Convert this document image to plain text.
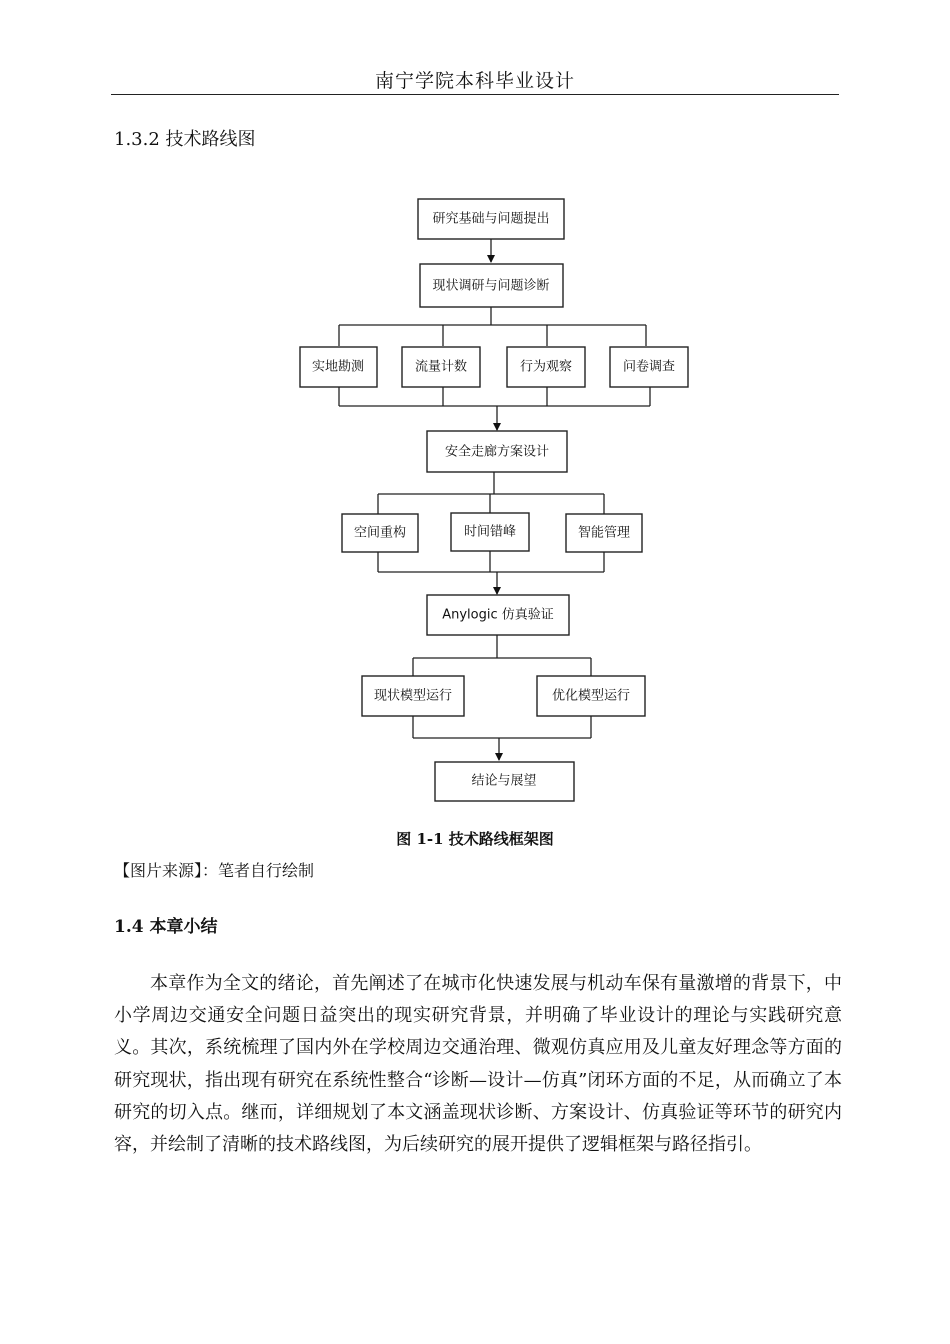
南宁学院本科毕业设计
1.3.2 技术路线图
研究基础与问题提出
现状调研与问题诊断
实地勘测	流量计数	行为观察	问卷调查
安全走廊方案设计
空间重构	时间错峰	智能管理
Anylogic 仿真验证
现状模型运行	优化模型运行
结论与展望
图 1-1 技术路线框架图
【图片来源】：笔者自行绘制
1.4 本章小结
本章作为全文的绪论，首先阐述了在城市化快速发展与机动车保有量激增的背景下，中小学周边交通安全问题日益突出的现实研究背景，并明确了毕业设计的理论与实践研究意义。其次，系统梳理了国内外在学校周边交通治理、微观仿真应用及儿童友好理念等方面的研究现状，指出现有研究在系统性整合“诊断—设计—仿真”闭环方面的不足，从而确立了本研究的切入点。继而，详细规划了本文涵盖现状诊断、方案设计、仿真验证等环节的研究内容，并绘制了清晰的技术路线图，为后续研究的展开提供了逻辑框架与路径指引。
